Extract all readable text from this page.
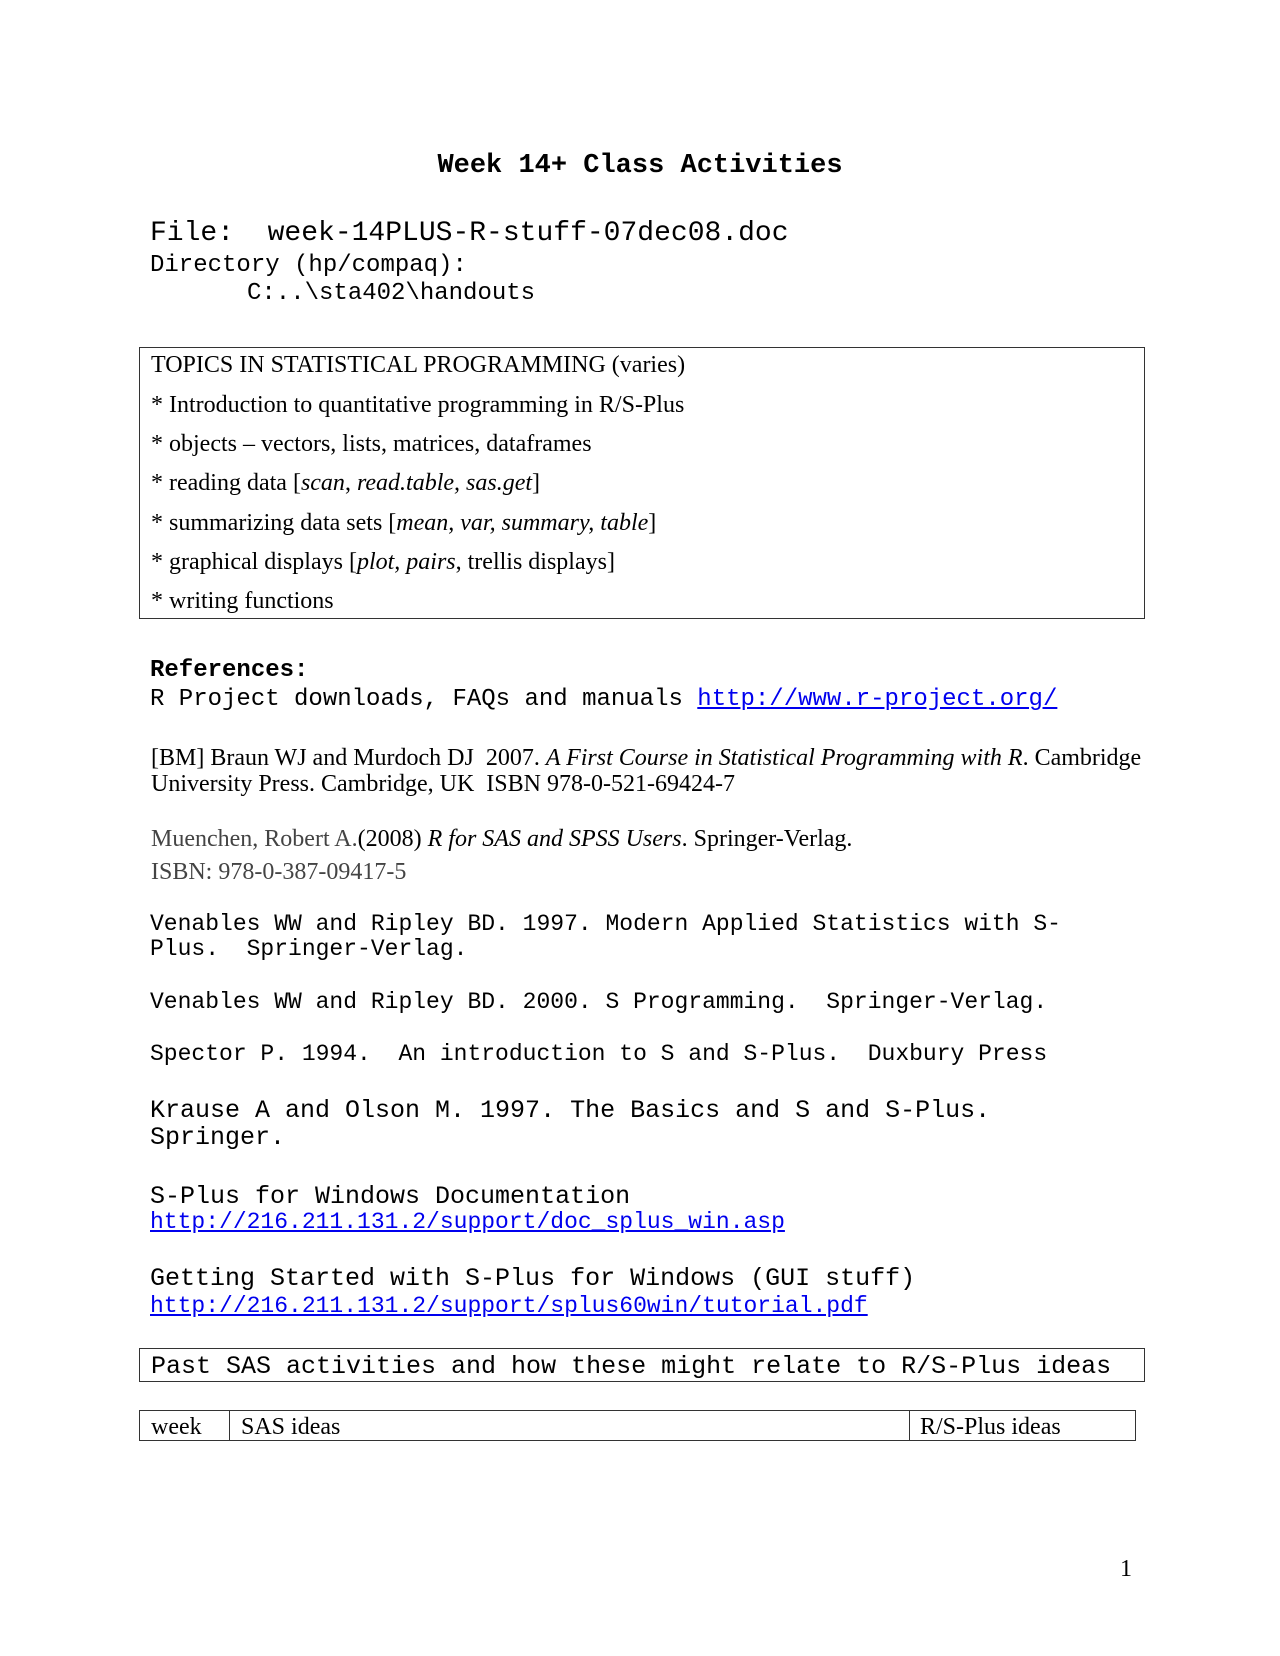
Week 14+ Class Activities
File:  week-14PLUS-R-stuff-07dec08.doc
Directory (hp/compaq):
C:..\sta402\handouts
TOPICS IN STATISTICAL PROGRAMMING (varies)
* Introduction to quantitative programming in R/S-Plus
* objects – vectors, lists, matrices, dataframes
* reading data [scan, read.table, sas.get]
* summarizing data sets [mean, var, summary, table]
* graphical displays [plot, pairs, trellis displays]
* writing functions
References:
R Project downloads, FAQs and manuals http://www.r-project.org/
[BM] Braun WJ and Murdoch DJ  2007. A First Course in Statistical Programming with R. Cambridge
University Press. Cambridge, UK  ISBN 978-0-521-69424-7
Muenchen, Robert A.(2008) R for SAS and SPSS Users. Springer-Verlag.
ISBN: 978-0-387-09417-5
Venables WW and Ripley BD. 1997. Modern Applied Statistics with S-
Plus.  Springer-Verlag.
Venables WW and Ripley BD. 2000. S Programming.  Springer-Verlag.
Spector P. 1994.  An introduction to S and S-Plus.  Duxbury Press
Krause A and Olson M. 1997. The Basics and S and S-Plus.
Springer.
S-Plus for Windows Documentation
http://216.211.131.2/support/doc_splus_win.asp
Getting Started with S-Plus for Windows (GUI stuff)
http://216.211.131.2/support/splus60win/tutorial.pdf
Past SAS activities and how these might relate to R/S-Plus ideas
week SAS ideas	R/S-Plus ideas
1
